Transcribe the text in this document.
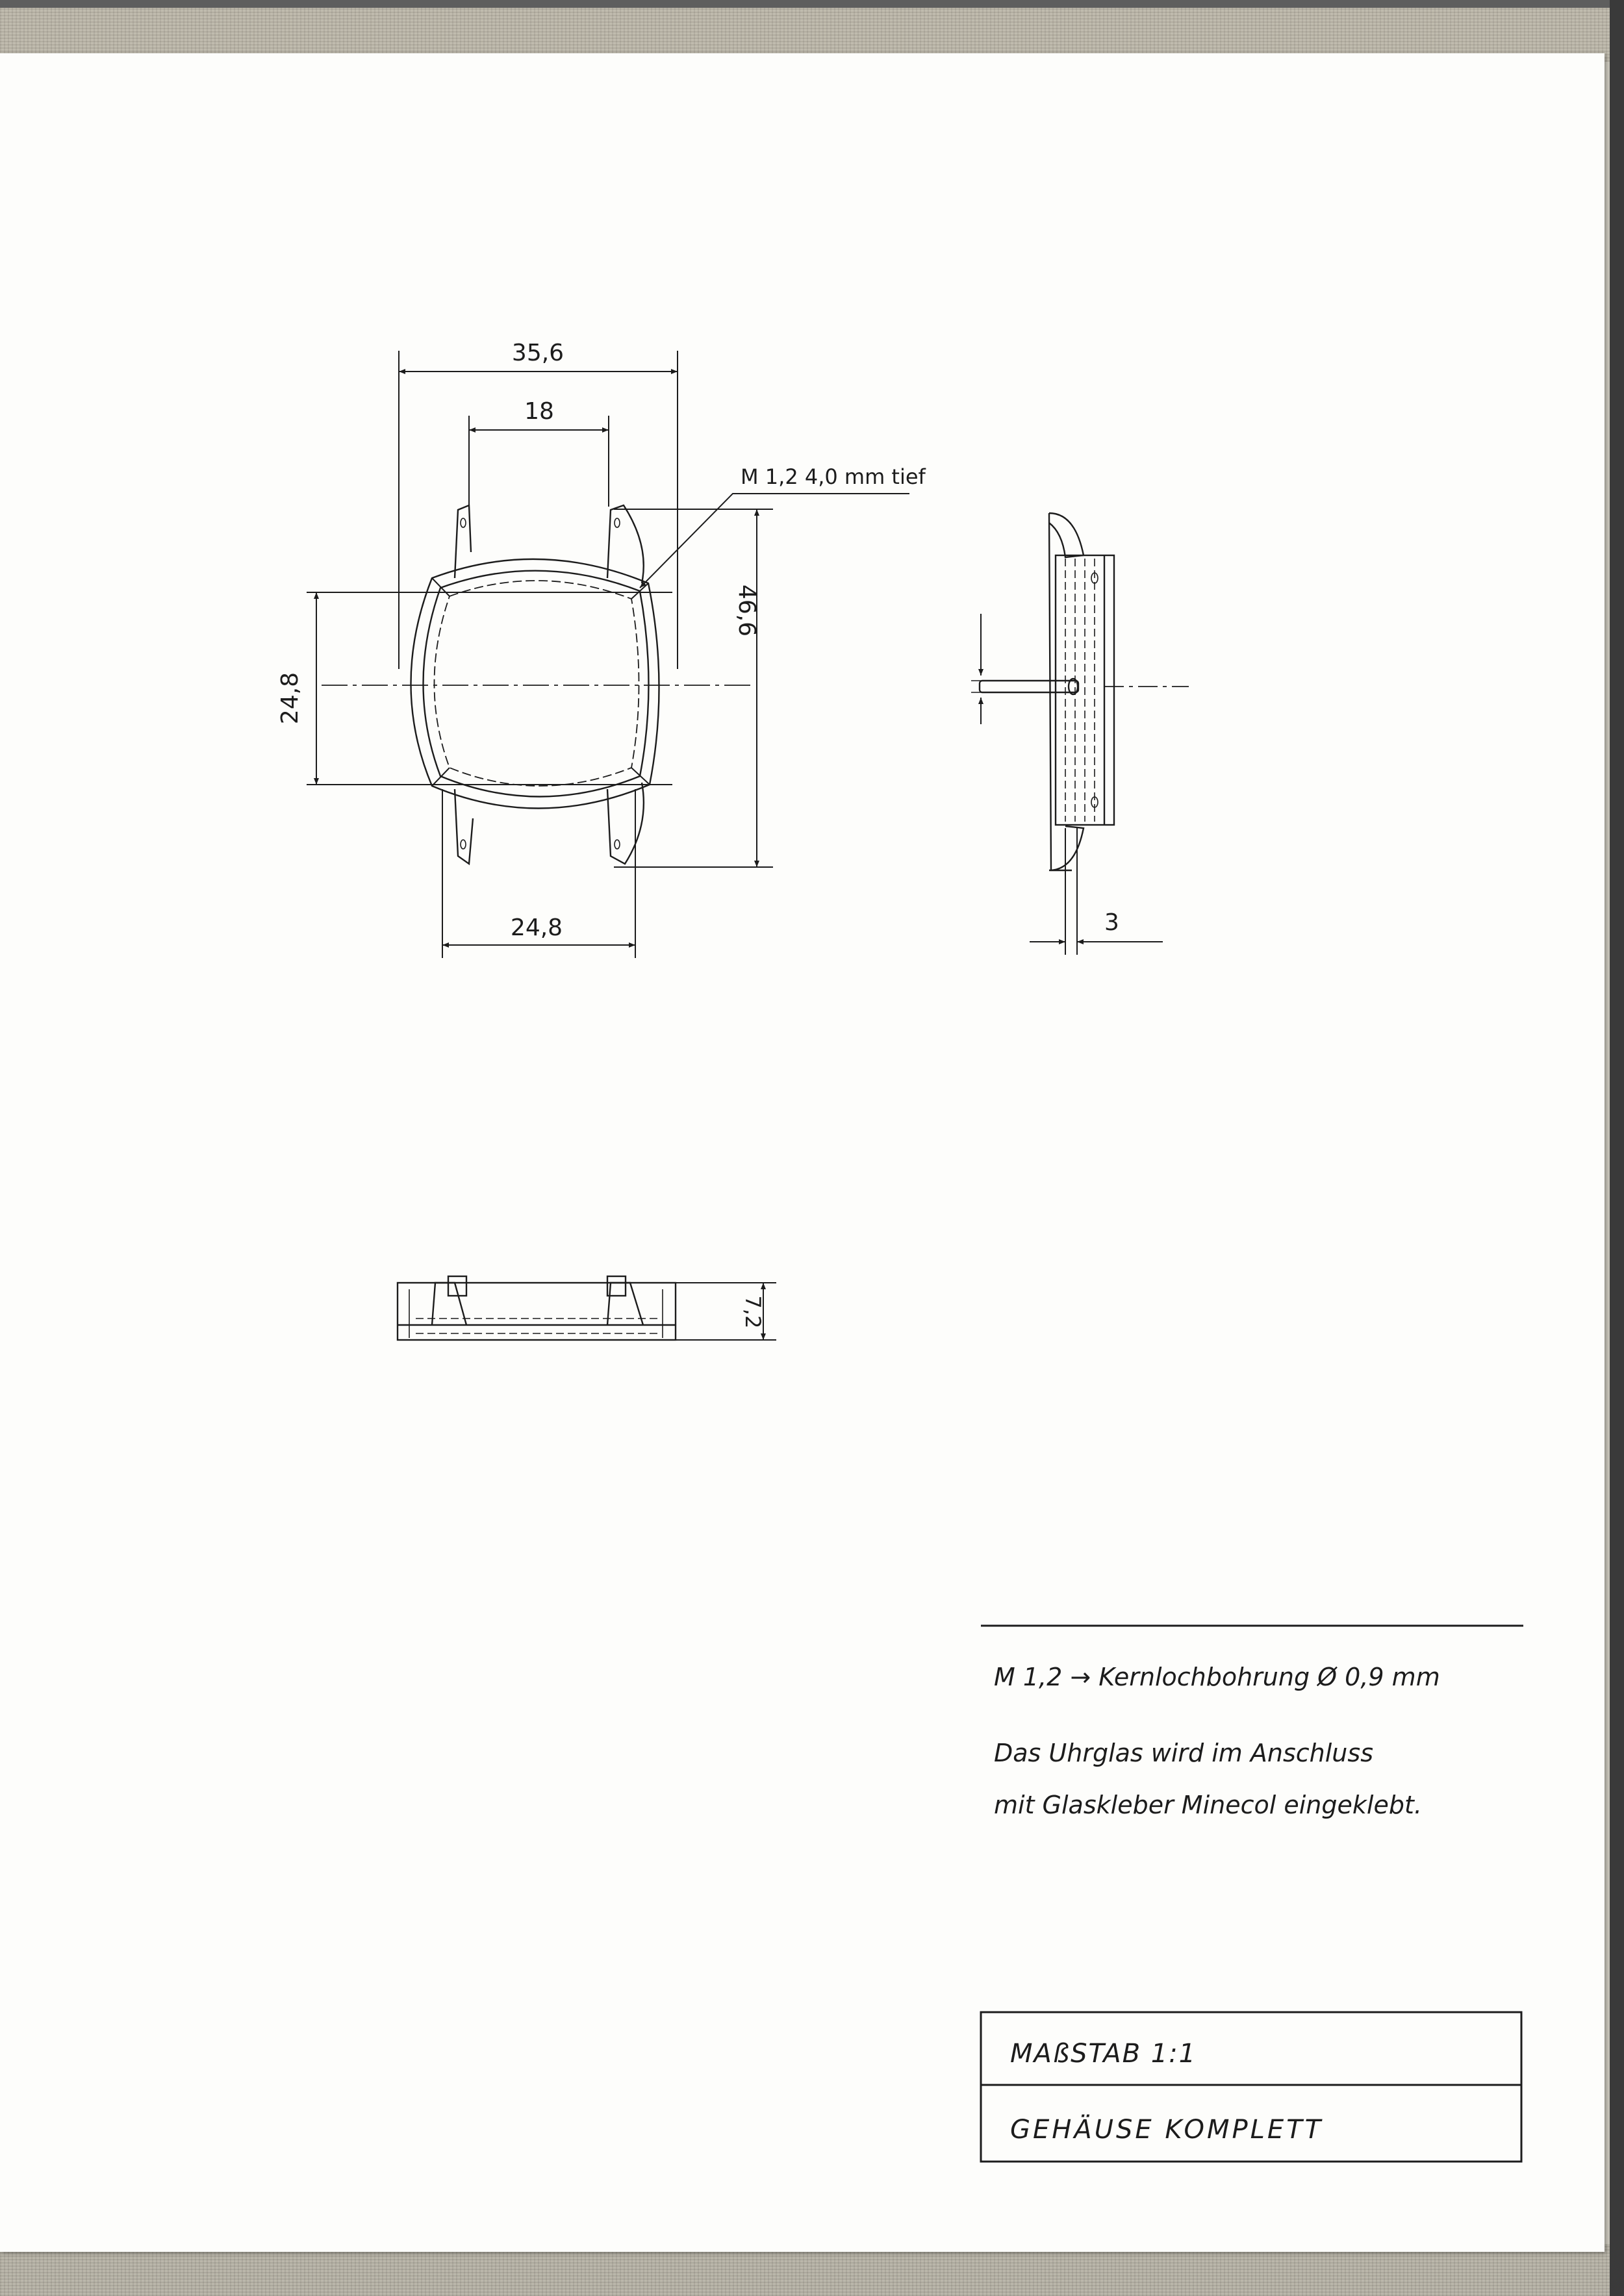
35,6
18
24,8
46,6
24,8
M 1,2 4,0 mm tief
3
7,2
M 1,2 → Kernlochbohrung Ø 0,9 mm
Das Uhrglas wird im Anschluss
mit Glaskleber Minecol eingeklebt.
MAßSTAB 1:1
GEHÄUSE KOMPLETT
